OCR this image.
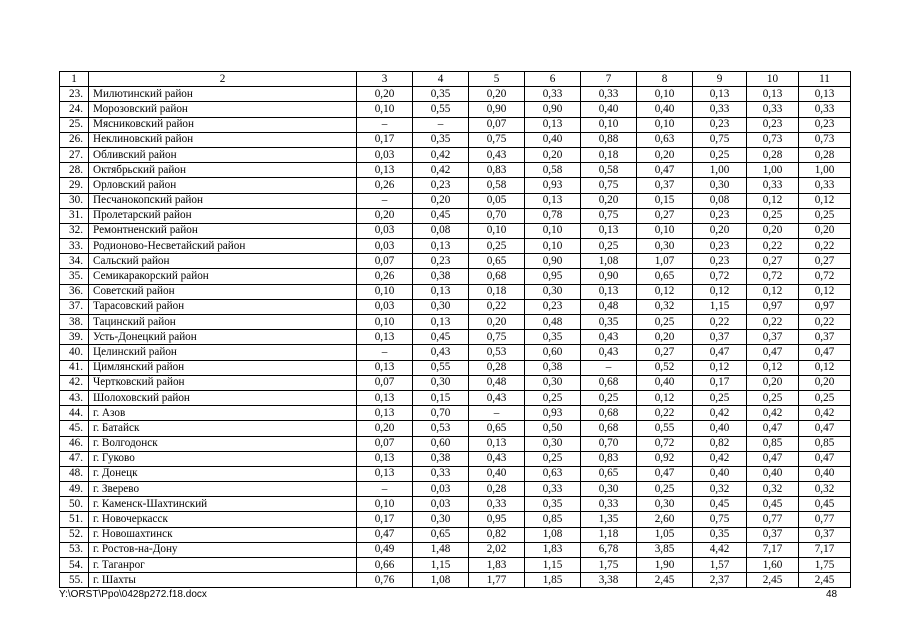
1	2	3	4	5	6	7	8	9	10	11
23.	Милютинский район	0,20	0,35	0,20	0,33	0,33	0,10	0,13	0,13	0,13
24.	Морозовский район	0,10	0,55	0,90	0,90	0,40	0,40	0,33	0,33	0,33
25.	Мясниковский район	–	–	0,07	0,13	0,10	0,10	0,23	0,23	0,23
26.	Неклиновский район	0,17	0,35	0,75	0,40	0,88	0,63	0,75	0,73	0,73
27.	Обливский район	0,03	0,42	0,43	0,20	0,18	0,20	0,25	0,28	0,28
28.	Октябрьский район	0,13	0,42	0,83	0,58	0,58	0,47	1,00	1,00	1,00
29.	Орловский район	0,26	0,23	0,58	0,93	0,75	0,37	0,30	0,33	0,33
30.	Песчанокопский район	–	0,20	0,05	0,13	0,20	0,15	0,08	0,12	0,12
31.	Пролетарский район	0,20	0,45	0,70	0,78	0,75	0,27	0,23	0,25	0,25
32.	Ремонтненский район	0,03	0,08	0,10	0,10	0,13	0,10	0,20	0,20	0,20
33.	Родионово-Несветайский район	0,03	0,13	0,25	0,10	0,25	0,30	0,23	0,22	0,22
34.	Сальский район	0,07	0,23	0,65	0,90	1,08	1,07	0,23	0,27	0,27
35.	Семикаракорский район	0,26	0,38	0,68	0,95	0,90	0,65	0,72	0,72	0,72
36.	Советский район	0,10	0,13	0,18	0,30	0,13	0,12	0,12	0,12	0,12
37.	Тарасовский район	0,03	0,30	0,22	0,23	0,48	0,32	1,15	0,97	0,97
38.	Тацинский район	0,10	0,13	0,20	0,48	0,35	0,25	0,22	0,22	0,22
39.	Усть-Донецкий район	0,13	0,45	0,75	0,35	0,43	0,20	0,37	0,37	0,37
40.	Целинский район	–	0,43	0,53	0,60	0,43	0,27	0,47	0,47	0,47
41.	Цимлянский район	0,13	0,55	0,28	0,38	–	0,52	0,12	0,12	0,12
42.	Чертковский район	0,07	0,30	0,48	0,30	0,68	0,40	0,17	0,20	0,20
43.	Шолоховский район	0,13	0,15	0,43	0,25	0,25	0,12	0,25	0,25	0,25
44.	г. Азов	0,13	0,70	–	0,93	0,68	0,22	0,42	0,42	0,42
45.	г. Батайск	0,20	0,53	0,65	0,50	0,68	0,55	0,40	0,47	0,47
46.	г. Волгодонск	0,07	0,60	0,13	0,30	0,70	0,72	0,82	0,85	0,85
47.	г. Гуково	0,13	0,38	0,43	0,25	0,83	0,92	0,42	0,47	0,47
48.	г. Донецк	0,13	0,33	0,40	0,63	0,65	0,47	0,40	0,40	0,40
49.	г. Зверево	–	0,03	0,28	0,33	0,30	0,25	0,32	0,32	0,32
50.	г. Каменск-Шахтинский	0,10	0,03	0,33	0,35	0,33	0,30	0,45	0,45	0,45
51.	г. Новочеркасск	0,17	0,30	0,95	0,85	1,35	2,60	0,75	0,77	0,77
52.	г. Новошахтинск	0,47	0,65	0,82	1,08	1,18	1,05	0,35	0,37	0,37
53.	г. Ростов-на-Дону	0,49	1,48	2,02	1,83	6,78	3,85	4,42	7,17	7,17
54.	г. Таганрог	0,66	1,15	1,83	1,15	1,75	1,90	1,57	1,60	1,75
55.	г. Шахты	0,76	1,08	1,77	1,85	3,38	2,45	2,37	2,45	2,45
Y:\ORST\Ppo\0428p272.f18.docx	48
